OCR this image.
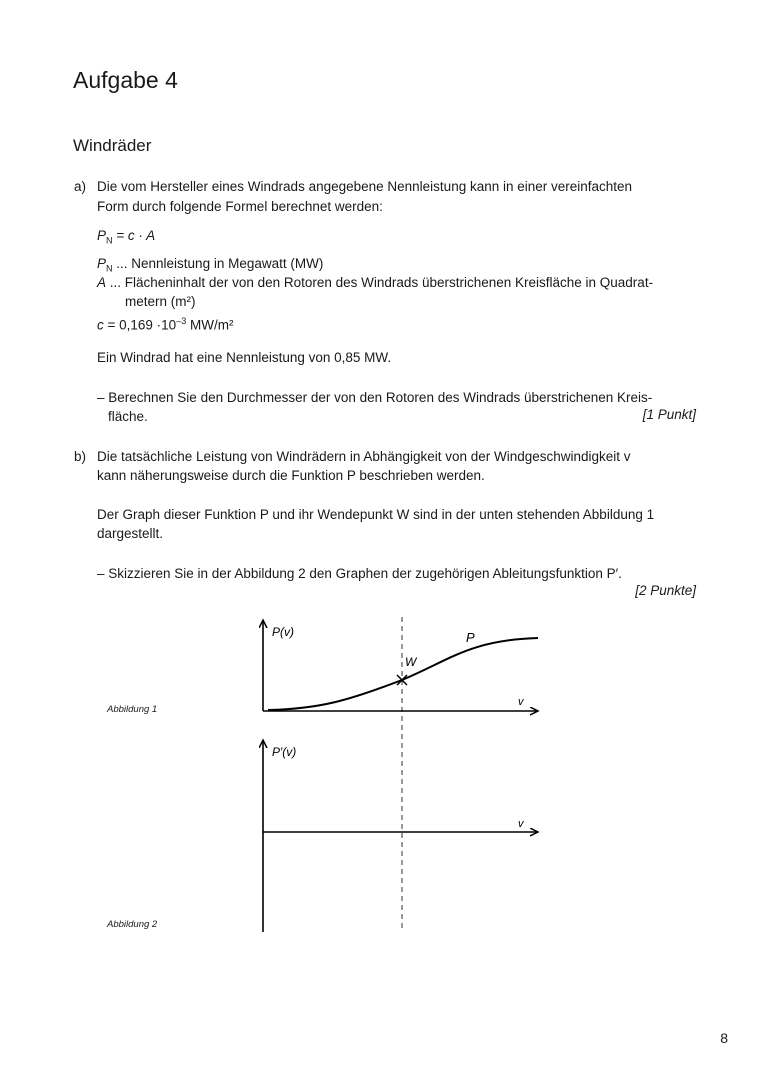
Aufgabe 4
Windräder
a) Die vom Hersteller eines Windrads angegebene Nennleistung kann in einer vereinfachten
Form durch folgende Formel berechnet werden:
$P_N = c \cdot A$
$P_N$ ... Nennleistung in Megawatt (MW)
A ... Flächeninhalt der von den Rotoren des Windrads überstrichenen Kreisfläche in Quadrat-
metern (m²)
$c = 0,169 \cdot 10^{-3}$ MW/m²
Ein Windrad hat eine Nennleistung von 0,85 MW.
– Berechnen Sie den Durchmesser der von den Rotoren des Windrads überstrichenen Kreis-
fläche.	[1 Punkt]
b) Die tatsächliche Leistung von Windrädern in Abhängigkeit von der Windgeschwindigkeit v
kann näherungsweise durch die Funktion P beschrieben werden.
Der Graph dieser Funktion P und ihr Wendepunkt W sind in der unten stehenden Abbildung 1
dargestellt.
– Skizzieren Sie in der Abbildung 2 den Graphen der zugehörigen Ableitungsfunktion P′.
[2 Punkte]
P(v)
v
P
W
P′(v)
v
Abbildung 1
Abbildung 2
8
